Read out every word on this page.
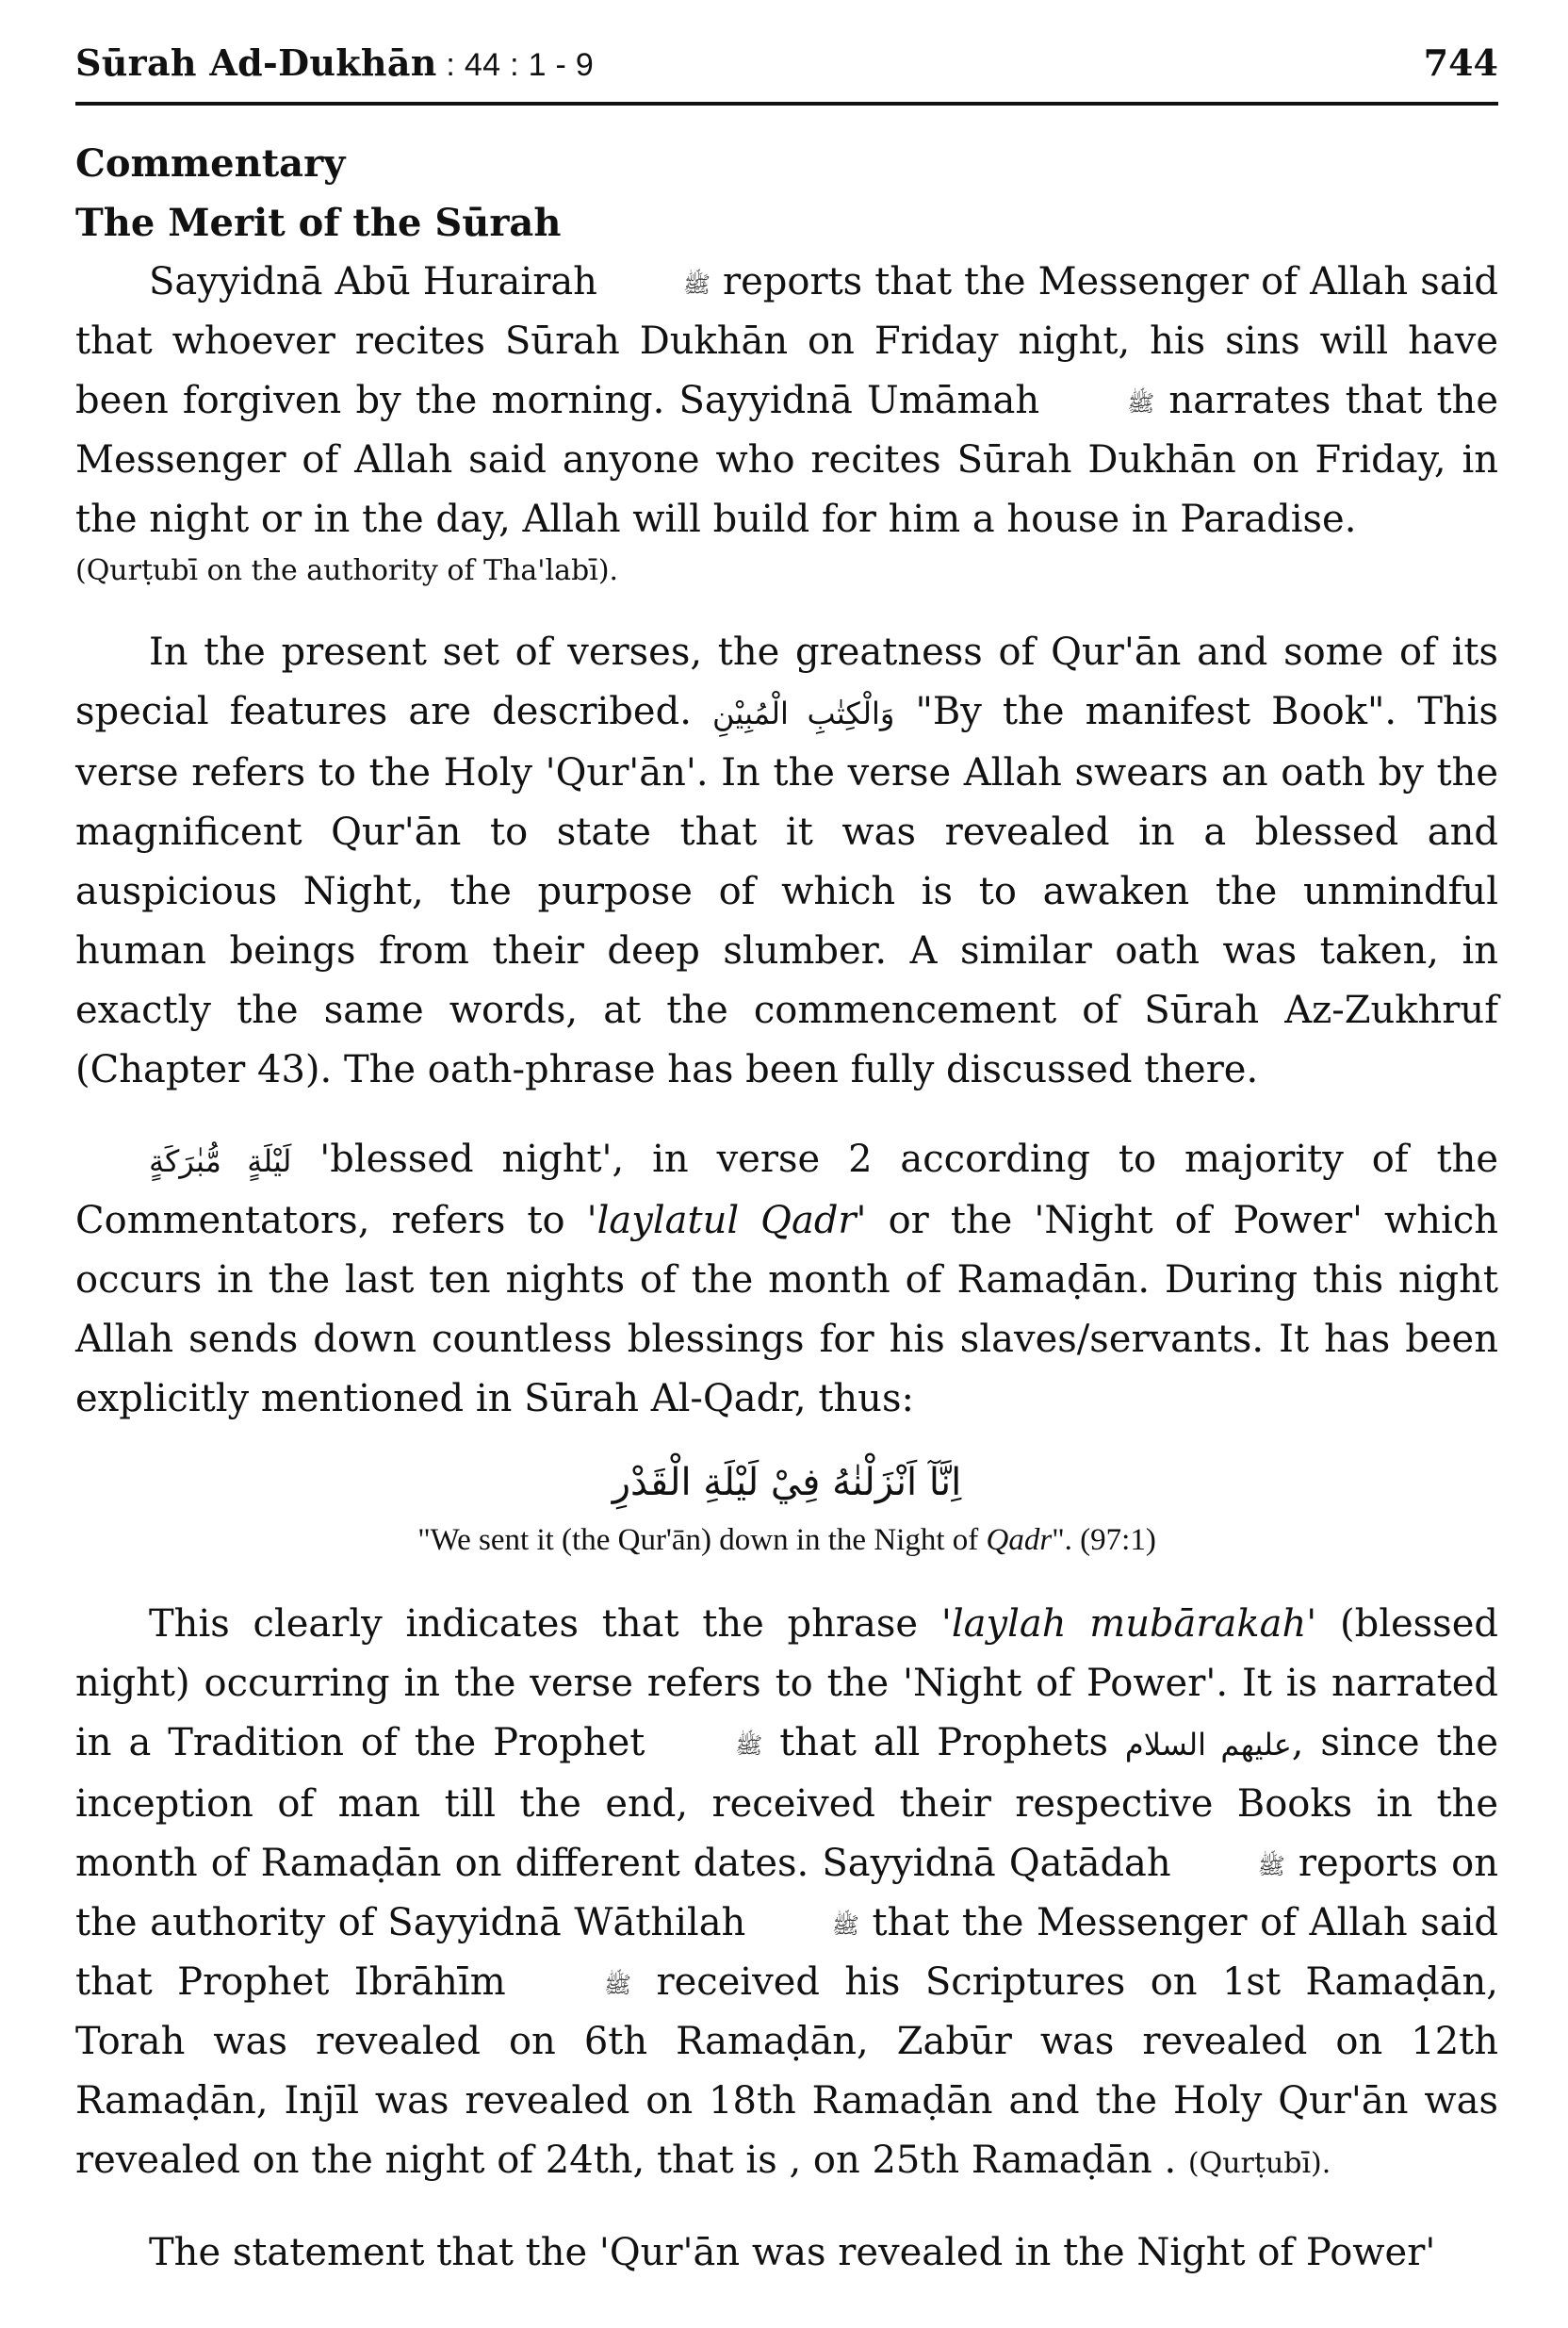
Sūrah Ad-Dukhān : 44 : 1 - 9	744
Commentary
The Merit of the Sūrah

Sayyidnā Abū Hurairah	ﷺ reports that the Messenger of Allah said that whoever recites Sūrah Dukhān on Friday night, his sins will have been forgiven by the morning. Sayyidnā Umāmah	ﷺ narrates that the Messenger of Allah said anyone who recites Sūrah Dukhān on Friday, in the night or in the day, Allah will build for him a house in Paradise.
(Qurṭubī on the authority of Tha'labī).

In the present set of verses, the greatness of Qur'ān and some of its special features are described. وَالْكِتٰبِ الْمُبِيْنِ "By the manifest Book". This verse refers to the Holy 'Qur'ān'. In the verse Allah swears an oath by the magnificent Qur'ān to state that it was revealed in a blessed and auspicious Night, the purpose of which is to awaken the unmindful human beings from their deep slumber. A similar oath was taken, in exactly the same words, at the commencement of Sūrah Az-Zukhruf (Chapter 43). The oath-phrase has been fully discussed there.

لَيْلَةٍ مُّبٰرَكَةٍ 'blessed night', in verse 2 according to majority of the Commentators, refers to 'laylatul Qadr' or the 'Night of Power' which occurs in the last ten nights of the month of Ramaḍān. During this night Allah sends down countless blessings for his slaves/servants. It has been explicitly mentioned in Sūrah Al-Qadr, thus:

اِنَّآ اَنْزَلْنٰهُ فِيْ لَيْلَةِ الْقَدْرِ
"We sent it (the Qur'ān) down in the Night of Qadr". (97:1)

This clearly indicates that the phrase 'laylah mubārakah' (blessed night) occurring in the verse refers to the 'Night of Power'. It is narrated in a Tradition of the Prophet	ﷺ that all Prophets عليهم السلام, since the inception of man till the end, received their respective Books in the month of Ramaḍān on different dates. Sayyidnā Qatādah	ﷺ reports on the authority of Sayyidnā Wāthilah	ﷺ that the Messenger of Allah said that Prophet Ibrāhīm	ﷺ received his Scriptures on 1st Ramaḍān, Torah was revealed on 6th Ramaḍān, Zabūr was revealed on 12th Ramaḍān, Injīl was revealed on 18th Ramaḍān and the Holy Qur'ān was revealed on the night of 24th, that is , on 25th Ramaḍān . (Qurṭubī).

The statement that the 'Qur'ān was revealed in the Night of Power'
